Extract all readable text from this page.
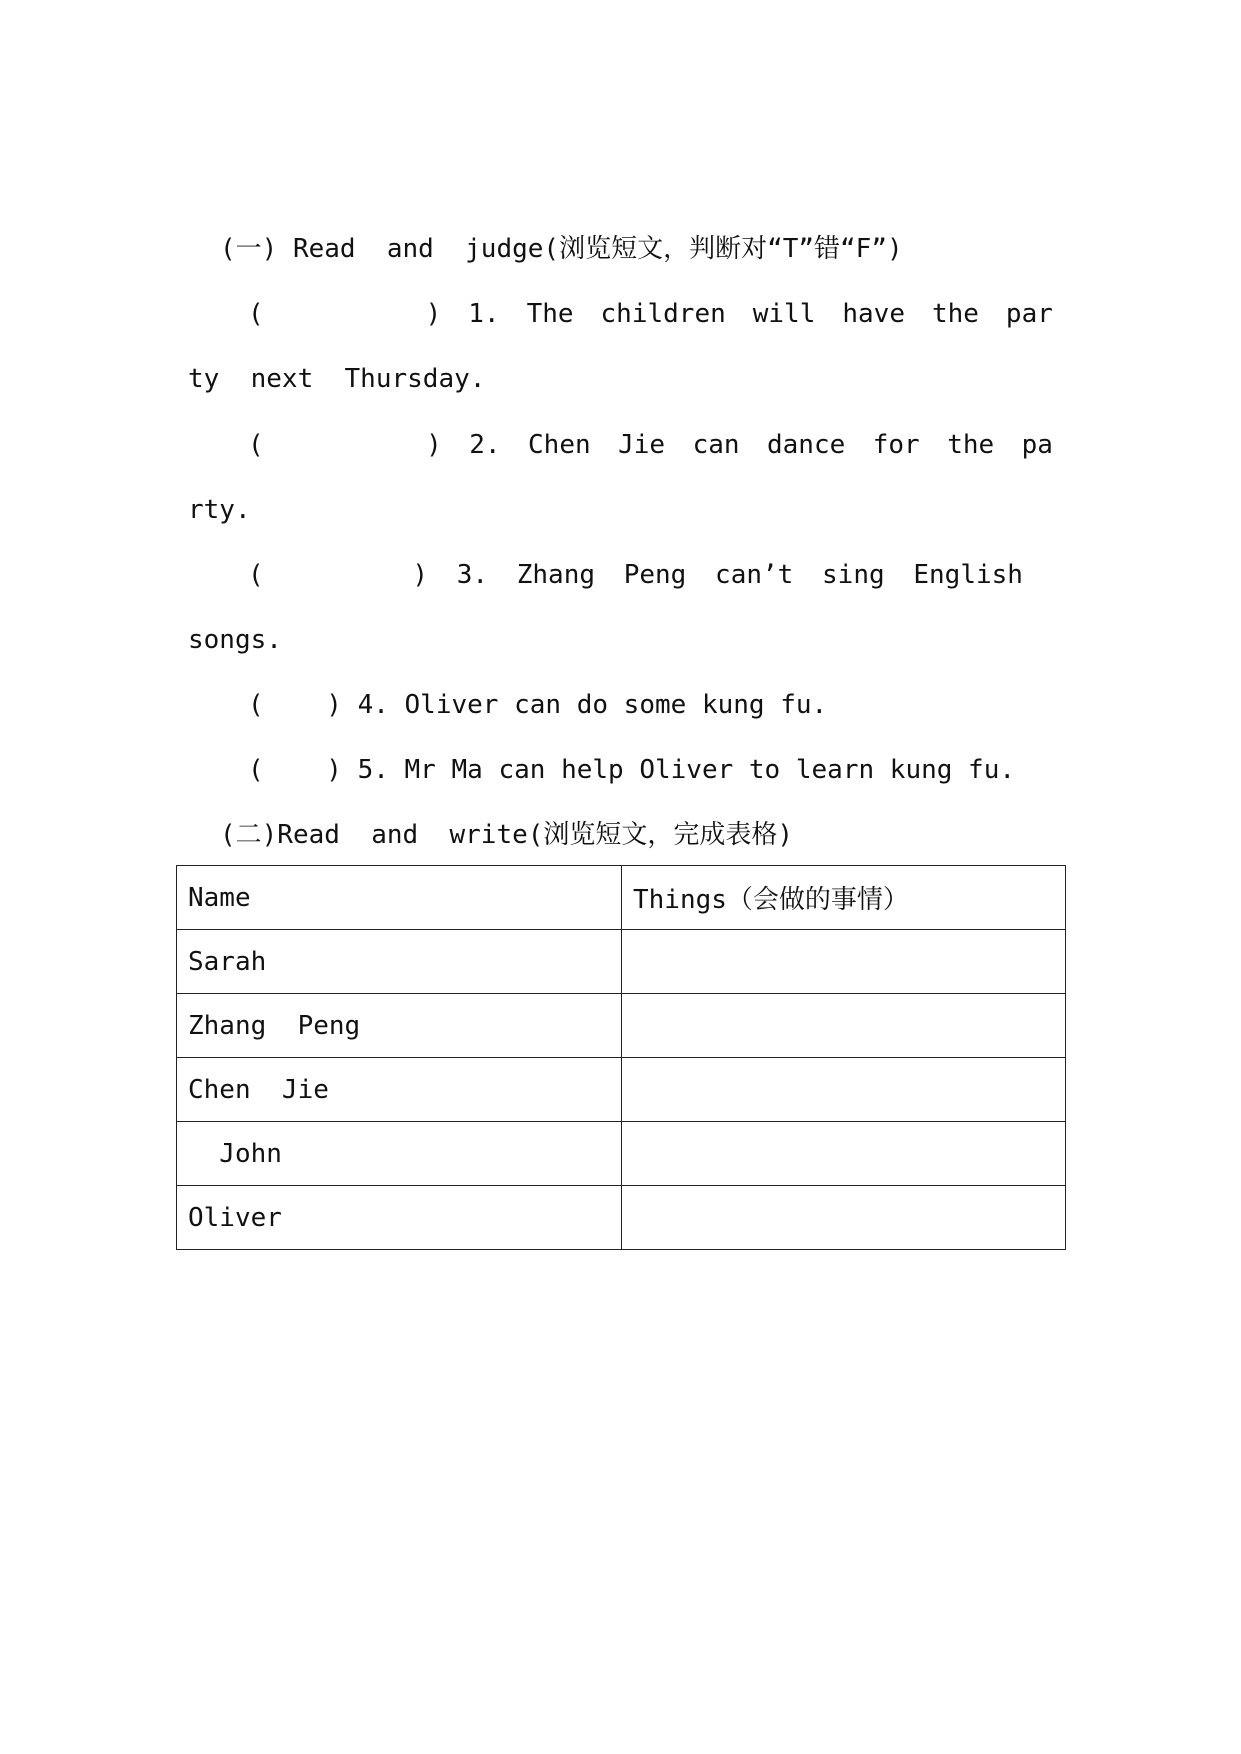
(一) Read  and  judge(浏览短文，判断对“T”错“F”)
(	) 1. The children will have the par
ty  next  Thursday.
(	) 2. Chen Jie can dance for the pa
rty.
(	) 3. Zhang Peng can’t sing English
songs.
(    ) 4. Oliver can do some kung fu.
(    ) 5. Mr Ma can help Oliver to learn kung fu.
(二)Read  and  write(浏览短文，完成表格)
Name	Things（会做的事情）
Sarah	
Zhang  Peng	
Chen  Jie	
John	
Oliver	
